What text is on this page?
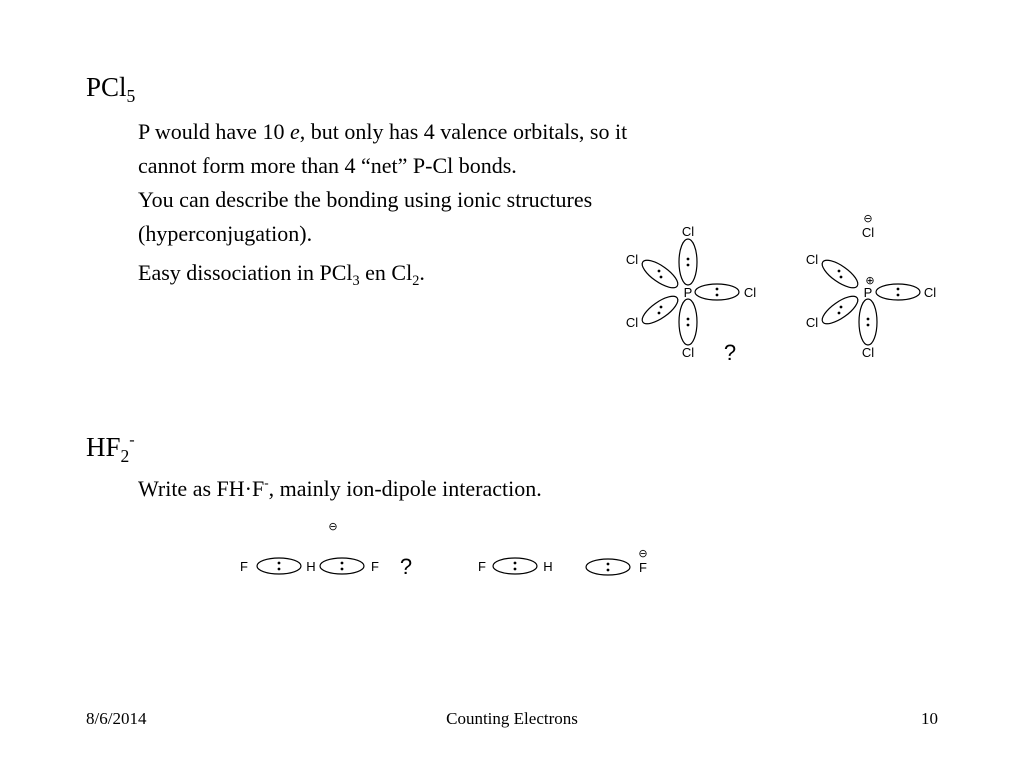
PCl$_5$
P would have 10 e, but only has 4 valence orbitals, so it
cannot form more than 4 “net” P-Cl bonds.
You can describe the bonding using ionic structures
(hyperconjugation).
Easy dissociation in PCl$_3$ en $Cl_2$.
Cl
Cl
P	Cl
Cl
Cl ?
⊖
Cl
Cl
⊕
P	Cl
Cl
Cl
$HF_2^-$
Write as FH·F-, mainly ion-dipole interaction.
⊖
F	H	F ?	F	H
⊖
F
8/6/2014	Counting Electrons	10
